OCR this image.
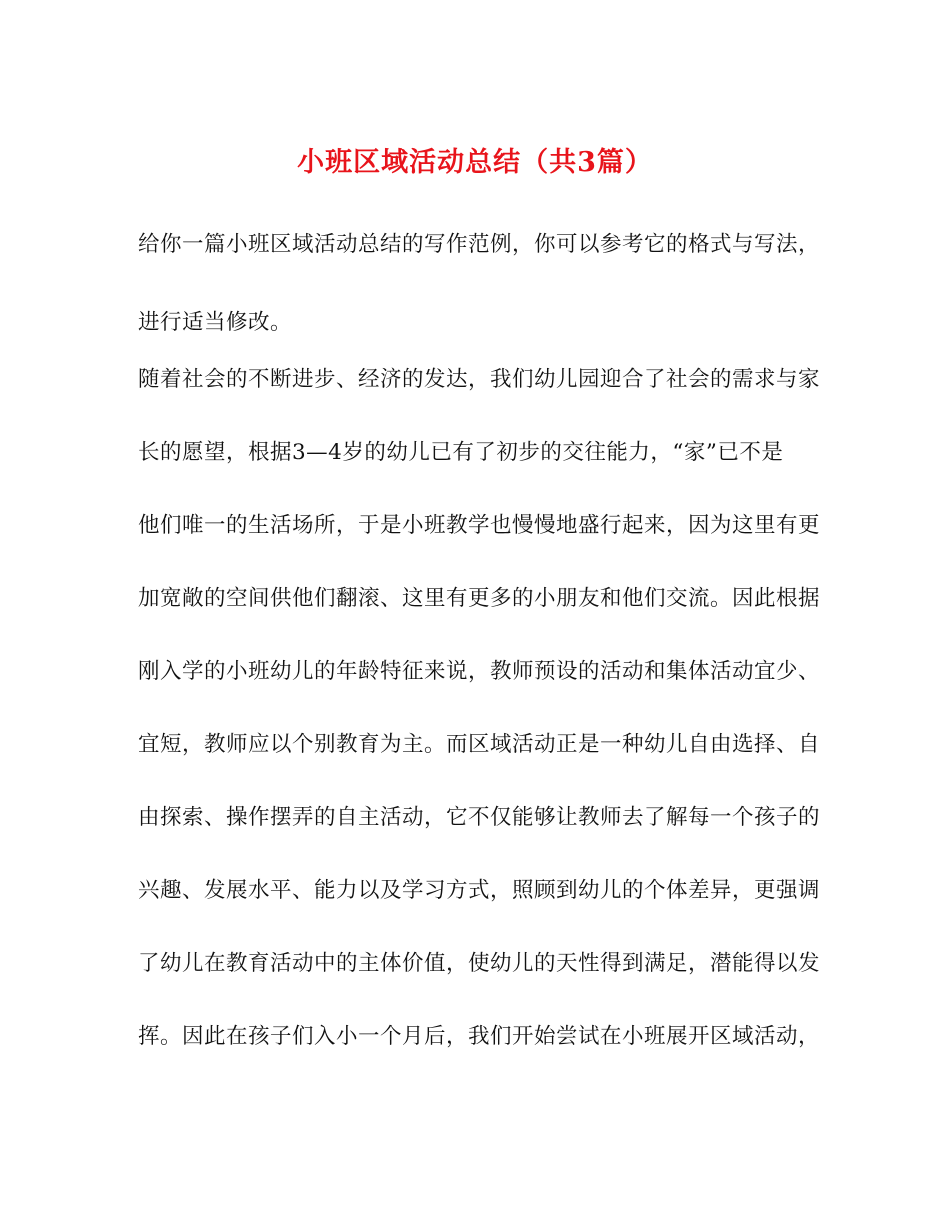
小班区域活动总结（共3篇）
给你一篇小班区域活动总结的写作范例，你可以参考它的格式与写法，
进行适当修改。
随着社会的不断进步、经济的发达，我们幼儿园迎合了社会的需求与家
长的愿望，根据3—4岁的幼儿已有了初步的交往能力，“家”已不是
他们唯一的生活场所，于是小班教学也慢慢地盛行起来，因为这里有更
加宽敞的空间供他们翻滚、这里有更多的小朋友和他们交流。因此根据
刚入学的小班幼儿的年龄特征来说，教师预设的活动和集体活动宜少、
宜短，教师应以个别教育为主。而区域活动正是一种幼儿自由选择、自
由探索、操作摆弄的自主活动，它不仅能够让教师去了解每一个孩子的
兴趣、发展水平、能力以及学习方式，照顾到幼儿的个体差异，更强调
了幼儿在教育活动中的主体价值，使幼儿的天性得到满足，潜能得以发
挥。因此在孩子们入小一个月后，我们开始尝试在小班展开区域活动，
